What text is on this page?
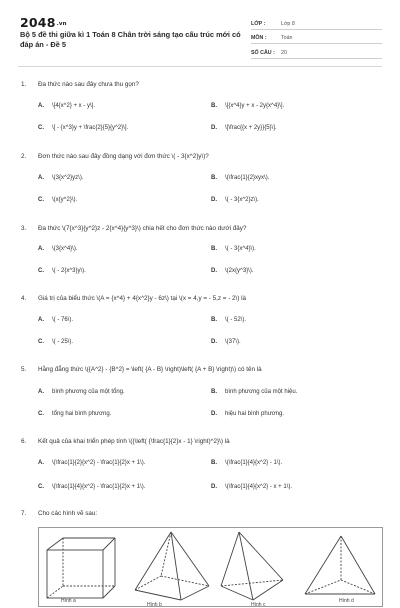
2048.vn
Bộ 5 đề thi giữa kì 1 Toán 8 Chân trời sáng tạo cấu trúc mới có đáp án - Đề 5
LỚP :	Lớp 8
MÔN :	Toán
SỐ CÂU :	20
1. Đa thức nào sau đây chưa thu gọn?
A. \[4{x^2} + x - y\].	B. \[{x^4}y + x - 2y{x^4}\].
C. \[ - {x^3}y + \frac{2}{5}{y^2}\].	D. \[\frac{{x + 2y}}{5}\].
2. Đơn thức nào sau đây đồng dạng với đơn thức \( - 3{x^2}y\)?
A. \(3{x^2}yz\).	B. \(\frac{1}{2}xyx\).
C. \(x{y^2}\).	D. \( - 3{x^2}z\).
3. Đa thức \(7{x^3}{y^2}z - 2{x^4}{y^3}\) chia hết cho đơn thức nào dưới đây?
A. \(3{x^4}\).	B. \( - 3{x^4}\).
C. \( - 2{x^3}y\).	D. \(2x{y^3}\).
4. Giá trị của biểu thức \(A = {x^4} + 4{x^2}y - 6z\) tại \(x = 4,y = - 5,z = - 2\) là
A. \( - 76\).	B. \( - 52\).
C. \( - 25\).	D. \(37\).
5. Hằng đẳng thức \({A^2} - {B^2} = \left( {A - B} \right)\left( {A + B} \right)\) có tên là
A. bình phương của một tổng.	B. bình phương của một hiệu.
C. tổng hai bình phương.	D. hiệu hai bình phương.
6. Kết quả của khai triển phép tính \({\left( {\frac{1}{2}x - 1} \right)^2}\) là
A. \(\frac{1}{2}{x^2} - \frac{1}{2}x + 1\).	B. \(\frac{1}{4}{x^2} - 1\).
C. \(\frac{1}{4}{x^2} - \frac{1}{2}x + 1\).	D. \(\frac{1}{4}{x^2} - x + 1\).
7. Cho các hình vẽ sau:
Hình a
Hình b	Hình c
Hình d
